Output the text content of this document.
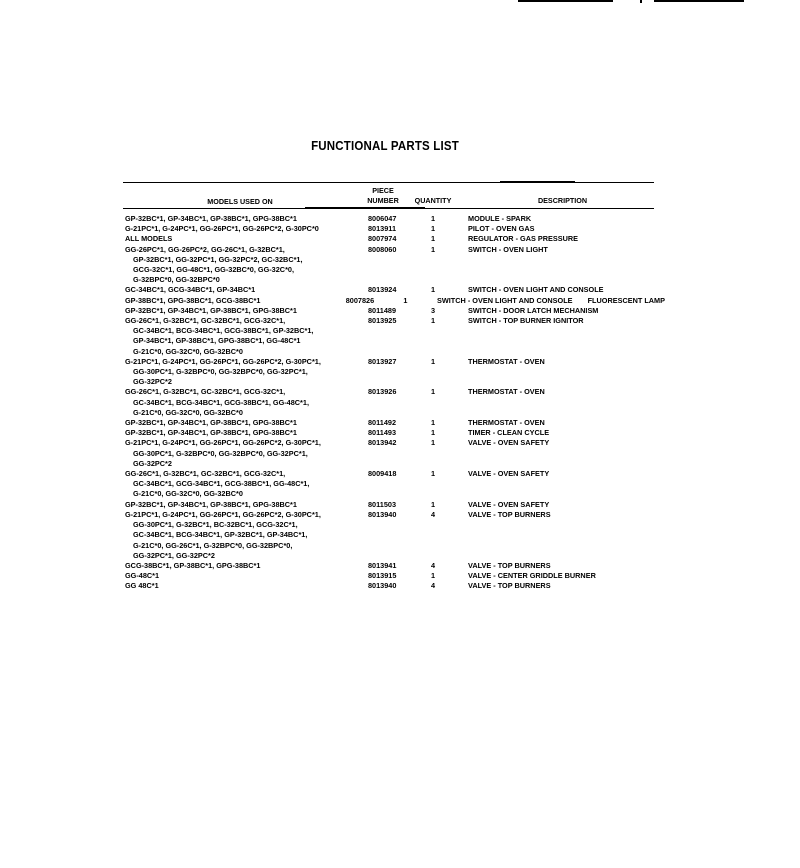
FUNCTIONAL PARTS LIST
MODELS USED ON
PIECE
NUMBER	QUANTITY	DESCRIPTION
GP-32BC*1, GP-34BC*1, GP-38BC*1, GPG-38BC*1	8006047	1	MODULE - SPARK
G-21PC*1, G-24PC*1, GG-26PC*1, GG-26PC*2, G-30PC*0	8013911	1	PILOT - OVEN GAS
ALL MODELS	8007974	1	REGULATOR - GAS PRESSURE
GG-26PC*1, GG-26PC*2, GG-26C*1, G-32BC*1,
GP-32BC*1, GG-32PC*1, GG-32PC*2, GC-32BC*1,
GCG-32C*1, GG-48C*1, GG-32BC*0, GG-32C*0,
G-32BPC*0, GG-32BPC*0
8008060	1	SWITCH - OVEN LIGHT
GC-34BC*1, GCG-34BC*1, GP-34BC*1	8013924	1	SWITCH - OVEN LIGHT AND CONSOLE
GP-38BC*1, GPG-38BC*1, GCG-38BC*1	8007826	1	SWITCH - OVEN LIGHT AND CONSOLE FLUORESCENT LAMP
GP-32BC*1, GP-34BC*1, GP-38BC*1, GPG-38BC*1	8011489	3	SWITCH - DOOR LATCH MECHANISM
GG-26C*1, G-32BC*1, GC-32BC*1, GCG-32C*1,
GC-34BC*1, BCG-34BC*1, GCG-38BC*1, GP-32BC*1,
GP-34BC*1, GP-38BC*1, GPG-38BC*1, GG-48C*1
G-21C*0, GG-32C*0, GG-32BC*0
8013925	1	SWITCH - TOP BURNER IGNITOR
G-21PC*1, G-24PC*1, GG-26PC*1, GG-26PC*2, G-30PC*1,
GG-30PC*1, G-32BPC*0, GG-32BPC*0, GG-32PC*1,
GG-32PC*2
8013927	1	THERMOSTAT - OVEN
GG-26C*1, G-32BC*1, GC-32BC*1, GCG-32C*1,
GC-34BC*1, BCG-34BC*1, GCG-38BC*1, GG-48C*1,
G-21C*0, GG-32C*0, GG-32BC*0
8013926	1	THERMOSTAT - OVEN
GP-32BC*1, GP-34BC*1, GP-38BC*1, GPG-38BC*1	8011492	1	THERMOSTAT - OVEN
GP-32BC*1, GP-34BC*1, GP-38BC*1, GPG-38BC*1	8011493	1	TIMER - CLEAN CYCLE
G-21PC*1, G-24PC*1, GG-26PC*1, GG-26PC*2, G-30PC*1,
GG-30PC*1, G-32BPC*0, GG-32BPC*0, GG-32PC*1,
GG-32PC*2
8013942	1	VALVE - OVEN SAFETY
GG-26C*1, G-32BC*1, GC-32BC*1, GCG-32C*1,
GC-34BC*1, GCG-34BC*1, GCG-38BC*1, GG-48C*1,
G-21C*0, GG-32C*0, GG-32BC*0
8009418	1	VALVE - OVEN SAFETY
GP-32BC*1, GP-34BC*1, GP-38BC*1, GPG-38BC*1	8011503	1	VALVE - OVEN SAFETY
G-21PC*1, G-24PC*1, GG-26PC*1, GG-26PC*2, G-30PC*1,
GG-30PC*1, G-32BC*1, BC-32BC*1, GCG-32C*1,
GC-34BC*1, BCG-34BC*1, GP-32BC*1, GP-34BC*1,
G-21C*0, GG-26C*1, G-32BPC*0, GG-32BPC*0,
GG-32PC*1, GG-32PC*2
8013940	4	VALVE - TOP BURNERS
GCG-38BC*1, GP-38BC*1, GPG-38BC*1	8013941	4	VALVE - TOP BURNERS
GG-48C*1	8013915	1	VALVE - CENTER GRIDDLE BURNER
GG 48C*1	8013940	4	VALVE - TOP BURNERS
